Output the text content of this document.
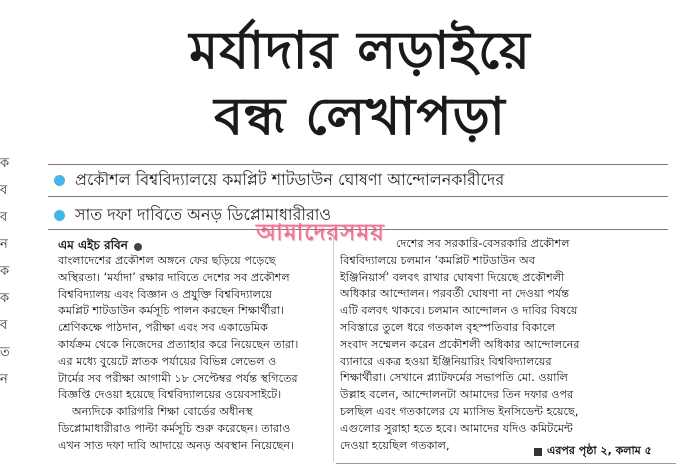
ক
ব
ব
ন
ক
ক
ব
ত
ন
মর্যাদার লড়াইয়ে
বন্ধ লেখাপড়া
প্রকৌশল বিশ্ববিদ্যালয়ে কমপ্লিট শাটডাউন ঘোষণা আন্দোলনকারীদের
সাত দফা দাবিতে অনড় ডিপ্লোমাধারীরাও
আমাদেরসময়
এম এইচ রবিন
বাংলাদেশের প্রকৌশল অঙ্গনে ফের ছড়িয়ে পড়েছে
অস্থিরতা। ‘মর্যাদা’ রক্ষার দাবিতে দেশের সব প্রকৌশল
বিশ্ববিদ্যালয় এবং বিজ্ঞান ও প্রযুক্তি বিশ্ববিদ্যালয়ে
কমপ্লিট শাটডাউন কর্মসূচি পালন করছেন শিক্ষার্থীরা।
শ্রেণিকক্ষে পাঠদান, পরীক্ষা এবং সব একাডেমিক
কার্যক্রম থেকে নিজেদের প্রত্যাহার করে নিয়েছেন তারা।
এর মধ্যে বুয়েটে স্নাতক পর্যায়ের বিভিন্ন লেভেল ও
টার্মের সব পরীক্ষা আগামী ১৮ সেপ্টেম্বর পর্যন্ত স্থগিতের
বিজ্ঞপ্তি দেওয়া হয়েছে বিশ্ববিদ্যালয়ের ওয়েবসাইটে।
অন্যদিকে কারিগরি শিক্ষা বোর্ডের অধীনস্থ
ডিপ্লোমাধারীরাও পাল্টা কর্মসূচি শুরু করেছেন। তারাও
এখন সাত দফা দাবি আদায়ে অনড় অবস্থান নিয়েছেন।
দেশের সব সরকারি-বেসরকারি প্রকৌশল
বিশ্ববিদ্যালয়ে চলমান ‘কমপ্লিট শাটডাউন অব
ইঞ্জিনিয়ার্স’ বলবৎ রাখার ঘোষণা দিয়েছে প্রকৌশলী
অধিকার আন্দোলন। পরবর্তী ঘোষণা না দেওয়া পর্যন্ত
এটি বলবৎ থাকবে। চলমান আন্দোলন ও দাবির বিষয়ে
সবিস্তারে তুলে ধরে গতকাল বৃহস্পতিবার বিকালে
সংবাদ সম্মেলন করেন প্রকৌশলী অধিকার আন্দোলনের
ব্যানারে একত্র হওয়া ইঞ্জিনিয়ারিং বিশ্ববিদ্যালয়ের
শিক্ষার্থীরা। সেখানে প্ল্যাটফর্মের সভাপতি মো. ওয়ালি
উল্লাহ বলেন, আন্দোলনটা আমাদের তিন দফার ওপর
চলছিল এবং গতকালের যে ম্যাসিভ ইনসিডেন্ট হয়েছে,
এগুলোর সুরাহা হতে হবে। আমাদের যদিও কমিটমেন্ট
দেওয়া হয়েছিল গতকাল,	এরপর পৃষ্ঠা ২, কলাম ৫
